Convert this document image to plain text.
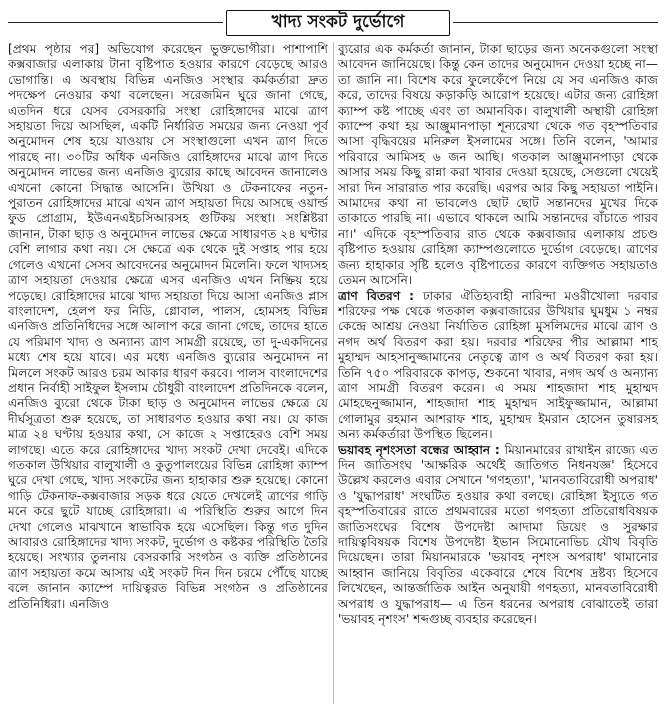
খাদ্য সংকট দুর্ভোগে

[প্রথম পৃষ্ঠার পর] অভিযোগ করেছেন ভুক্তভোগীরা। পাশাপাশি কক্সবাজার এলাকায় টানা বৃষ্টিপাত হওয়ার কারণে বেড়েছে আরও ভোগান্তি। এ অবস্থায় বিভিন্ন এনজিও সংস্থার কর্মকর্তারা দ্রুত পদক্ষেপ নেওয়ার কথা বলেছেন। সরেজমিন ঘুরে জানা গেছে, এতদিন ধরে যেসব বেসরকারি সংস্থা রোহিঙ্গাদের মাঝে ত্রাণ সহায়তা দিয়ে আসছিল, একটি নির্ধারিত সময়ের জন্য নেওয়া পূর্ব অনুমোদন শেষ হয়ে যাওয়ায় সে সংস্থাগুলো এখন ত্রাণ দিতে পারছে না। ৩০টির অধিক এনজিও রোহিঙ্গাদের মাঝে ত্রাণ দিতে অনুমোদন লাভের জন্য এনজিও ব্যুরোর কাছে আবেদন জানালেও এখনো কোনো সিদ্ধান্ত আসেনি। উখিয়া ও টেকনাফের নতুন-পুরাতন রোহিঙ্গাদের মাঝে এখন ত্রাণ সহায়তা দিয়ে আসছে ওয়ার্ল্ড ফুড প্রোগ্রাম, ইউএনএইচসিআরসহ গুটিকয় সংস্থা। সংশ্লিষ্টরা জানান, টাকা ছাড় ও অনুমোদন লাভের ক্ষেত্রে সাধারণত ২৪ ঘণ্টার বেশি লাগার কথা নয়। সে ক্ষেত্রে এক থেকে দুই সপ্তাহ পার হয়ে গেলেও এখনো সেসব আবেদনের অনুমোদন মিলেনি। ফলে খাদ্যসহ ত্রাণ সহায়তা দেওয়ার ক্ষেত্রে এসব এনজিও এখন নিষ্ক্রিয় হয়ে পড়েছে। রোহিঙ্গাদের মাঝে খাদ্য সহায়তা দিয়ে আসা এনজিও প্লাস বাংলাদেশ, হেলপ ফর নিডি, গ্লোবাল, পালস, হোমসহ বিভিন্ন এনজিও প্রতিনিধিদের সঙ্গে আলাপ করে জানা গেছে, তাদের হাতে যে পরিমাণ খাদ্য ও অন্যান্য ত্রাণ সামগ্রী রয়েছে, তা দু-একদিনের মধ্যে শেষ হয়ে যাবে। এর মধ্যে এনজিও ব্যুরোর অনুমোদন না মিললে সংকট আরও চরম আকার ধারণ করবে। পালস বাংলাদেশের প্রধান নির্বাহী সাইফুল ইসলাম চৌধুরী বাংলাদেশ প্রতিদিনকে বলেন, এনজিও ব্যুরো থেকে টাকা ছাড় ও অনুমোদন লাভের ক্ষেত্রে যে দীর্ঘসূত্রতা শুরু হয়েছে, তা সাধারণত হওয়ার কথা নয়। যে কাজ মাত্র ২৪ ঘণ্টায় হওয়ার কথা, সে কাজে ২ সপ্তাহেরও বেশি সময় লাগছে। এতে করে রোহিঙ্গাদের খাদ্য সংকট দেখা দেবেই। এদিকে গতকাল উখিয়ার বালুখালী ও কুতুপালংয়ের বিভিন্ন রোহিঙ্গা ক্যাম্প ঘুরে দেখা গেছে, খাদ্য সংকটের জন্য হাহাকার শুরু হয়েছে। কোনো গাড়ি টেকনাফ-কক্সবাজার সড়ক ধরে যেতে দেখলেই ত্রাণের গাড়ি মনে করে ছুটে যাচ্ছে রোহিঙ্গারা। এ পরিস্থিতি শুরুর আগে দিন দেখা গেলেও মাঝখানে স্বাভাবিক হয়ে এসেছিল। কিন্তু গত দুদিন আবারও রোহিঙ্গাদের খাদ্য সংকট, দুর্ভোগ ও কষ্টকর পরিস্থিতি তৈরি হয়েছে। সংখ্যার তুলনায় বেসরকারি সংগঠন ও ব্যক্তি প্রতিষ্ঠানের ত্রাণ সহায়তা কমে আসায় এই সংকট দিন দিন চরমে পৌঁছে যাচ্ছে বলে জানান ক্যাম্পে দায়িত্বরত বিভিন্ন সংগঠন ও প্রতিষ্ঠানের প্রতিনিধিরা। এনজিও

ব্যুরোর এক কর্মকর্তা জানান, টাকা ছাড়ের জন্য অনেকগুলো সংস্থা আবেদন জানিয়েছে। কিন্তু কেন তাদের অনুমোদন দেওয়া হচ্ছে না— তা জানি না। বিশেষ করে ফুলেফেঁপে নিয়ে যে সব এনজিও কাজ করে, তাদের বিষয়ে কড়াকড়ি আরোপ হয়েছে। এটার জন্য রোহিঙ্গা ক্যাম্প কষ্ট পাচ্ছে এবং তা অমানবিক। বালুখালী অস্থায়ী রোহিঙ্গা ক্যাম্পে কথা হয় আঞ্জুমানপাড়া শূন্যরেখা থেকে গত বৃহস্পতিবার আসা বৃদ্ধিবয়ের মনিরুল ইসলামের সঙ্গে। তিনি বলেন, 'আমার পরিবারে আমিসহ ৬ জন আছি। গতকাল আঞ্জুমানপাড়া থেকে আসার সময় কিছু রান্না করা খাবার দেওয়া হয়েছে, সেগুলো খেয়েই সারা দিন সারারাত পার করেছি। এরপর আর কিছু সহায়তা পাইনি। আমাদের কথা না ভাবলেও ছোট ছোট সন্তানদের মুখের দিকে তাকাতে পারছি না। এভাবে থাকলে আমি সন্তানদের বাঁচাতে পারব না।' এদিকে বৃহস্পতিবার রাত থেকে কক্সবাজার এলাকায় প্রচণ্ড বৃষ্টিপাত হওয়ায় রোহিঙ্গা ক্যাম্পগুলোতে দুর্ভোগ বেড়েছে। ত্রাণের জন্য হাহাকার সৃষ্টি হলেও বৃষ্টিপাতের কারণে ব্যক্তিগত সহায়তাও তেমন আসেনি।

ত্রাণ বিতরণ : ঢাকার ঐতিহ্যবাহী নারিন্দা মওরীখোলা দরবার শরিফের পক্ষ থেকে গতকাল কক্সবাজারের উখিয়ার ঘুমধুম ১ নম্বর কেন্দ্রে আশ্রয় নেওয়া নির্যাতিত রোহিঙ্গা মুসলিমদের মাঝে ত্রাণ ও নগদ অর্থ বিতরণ করা হয়। দরবার শরিফের পীর আল্লামা শাহ মুহাম্মদ আহসানুজ্জামানের নেতৃত্বে ত্রাণ ও অর্থ বিতরণ করা হয়। তিনি ৭৫০ পরিবারকে কাপড়, শুকনো খাবার, নগদ অর্থ ও অন্যান্য ত্রাণ সামগ্রী বিতরণ করেন। এ সময় শাহজাদা শাহ মুহাম্মদ মোহছেনুজ্জামান, শাহজাদা শাহ মুহাম্মদ সাইফুজ্জামান, আল্লামা গোলামুর রহমান আশরাফ শাহ, মুহাম্মদ ইমরান হোসেন তুষারসহ অন্য কর্মকর্তারা উপস্থিত ছিলেন।

ভয়াবহ নৃশংসতা বন্ধের আহ্বান : মিয়ানমারের রাখাইন রাজ্যে এত দিন জাতিসংঘ 'আক্ষরিক অর্থেই জাতিগত নিধনযজ্ঞ' হিসেবে উল্লেখ করলেও এবার সেখানে 'গণহত্যা', 'মানবতাবিরোধী অপরাধ' ও 'যুদ্ধাপরাধ' সংঘটিত হওয়ার কথা বলছে। রোহিঙ্গা ইস্যুতে গত বৃহস্পতিবারের রাতে প্রথমবারের মতো গণহত্যা প্রতিরোধবিষয়ক জাতিসংঘের বিশেষ উপদেষ্টা আদামা ডিয়েং ও সুরক্ষার দায়িত্ববিষয়ক বিশেষ উপদেষ্টা ইভান সিমোনোভিচ যৌথ বিবৃতি দিয়েছেন। তারা মিয়ানমারকে 'ভয়াবহ নৃশংস অপরাধ' থামানোর আহ্বান জানিয়ে বিবৃতির একেবারে শেষে বিশেষ দ্রষ্টব্য হিসেবে লিখেছেন, আন্তর্জাতিক আইন অনুযায়ী গণহত্যা, মানবতাবিরোধী অপরাধ ও যুদ্ধাপরাধ— এ তিন ধরনের অপরাধ বোঝাতেই তারা 'ভয়াবহ নৃশংস' শব্দগুচ্ছ ব্যবহার করেছেন।
